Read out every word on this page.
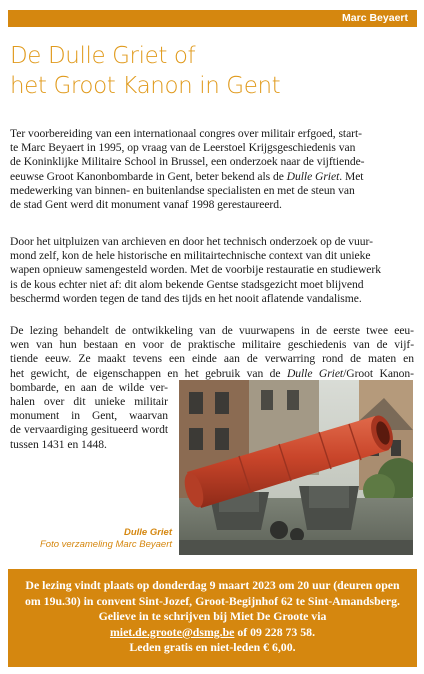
Marc Beyaert
De Dulle Griet of
het Groot Kanon in Gent
Ter voorbereiding van een internationaal congres over militair erfgoed, start-
te Marc Beyaert in 1995, op vraag van de Leerstoel Krijgsgeschiedenis van
de Koninklijke Militaire School in Brussel, een onderzoek naar de vijftiende-
eeuwse Groot Kanonbombarde in Gent, beter bekend als de Dulle Griet. Met
medewerking van binnen- en buitenlandse specialisten en met de steun van
de stad Gent werd dit monument vanaf 1998 gerestaureerd.
Door het uitpluizen van archieven en door het technisch onderzoek op de vuur-
mond zelf, kon de hele historische en militairtechnische context van dit unieke
wapen opnieuw samengesteld worden. Met de voorbije restauratie en studiewerk
is de kous echter niet af: dit alom bekende Gentse stadsgezicht moet blijvend
beschermd worden tegen de tand des tijds en het nooit aflatende vandalisme.
De lezing behandelt de ontwikkeling van de vuurwapens in de eerste twee eeu-
wen van hun bestaan en voor de praktische militaire geschiedenis van de vijf-
tiende eeuw. Ze maakt tevens een einde aan de verwarring rond de maten en
het gewicht, de eigenschappen en het gebruik van de Dulle Griet/Groot Kanon-
bombarde, en aan de wilde ver-
halen over dit unieke militair
monument in Gent, waarvan
de vervaardiging gesitueerd wordt
tussen 1431 en 1448.
Dulle Griet
Foto verzameling Marc Beyaert
De lezing vindt plaats op donderdag 9 maart 2023 om 20 uur (deuren open
om 19u.30) in convent Sint-Jozef, Groot-Begijnhof 62 te Sint-Amandsberg.
Gelieve in te schrijven bij Miet De Groote via
miet.de.groote@dsmg.be of 09 228 73 58.
Leden gratis en niet-leden € 6,00.
